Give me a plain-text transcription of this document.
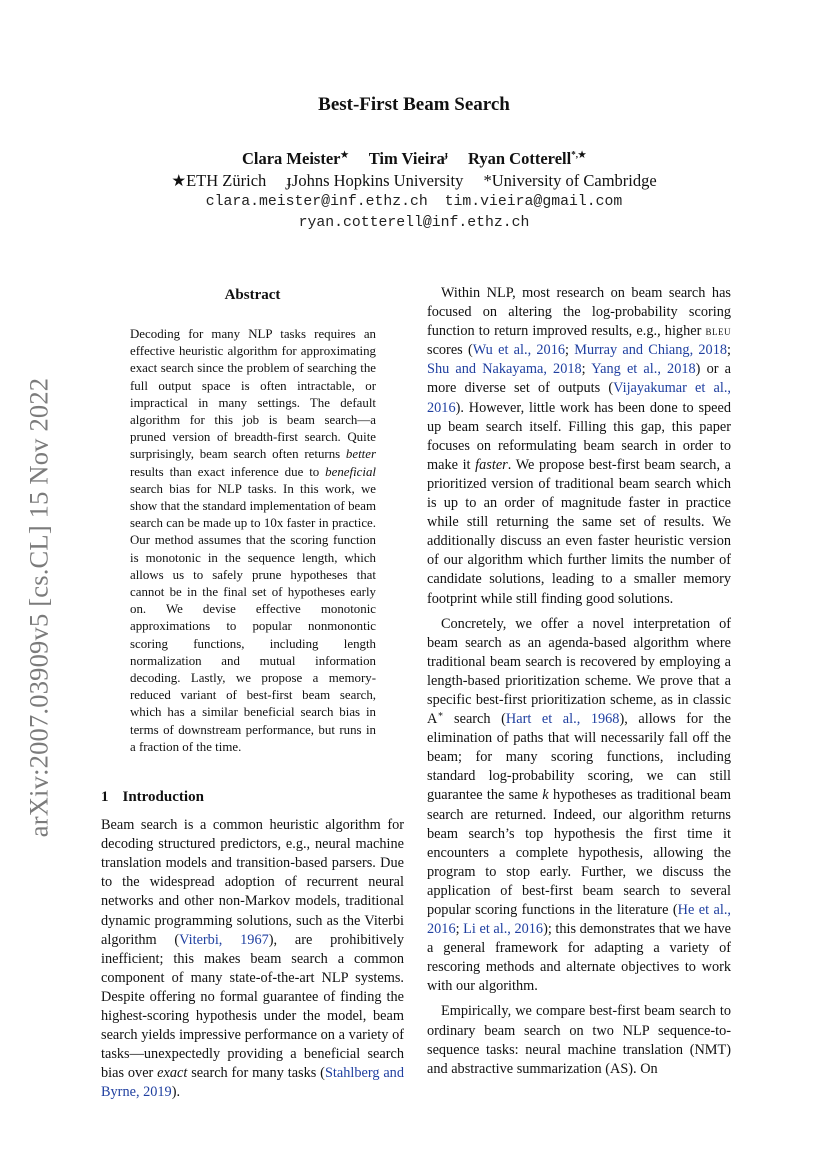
arXiv:2007.03909v5 [cs.CL] 15 Nov 2022
Best-First Beam Search
Clara Meister★ Tim Vieira$^ɟ$ Ryan Cotterell*,★
★ETH Zürich ɟJohns Hopkins University *University of Cambridge
clara.meister@inf.ethz.ch tim.vieira@gmail.com
ryan.cotterell@inf.ethz.ch
Abstract

Decoding for many NLP tasks requires an effective heuristic algorithm for approximating exact search since the problem of searching the full output space is often intractable, or impractical in many settings. The default algorithm for this job is beam search—a pruned version of breadth-first search. Quite surprisingly, beam search often returns better results than exact inference due to beneficial search bias for NLP tasks. In this work, we show that the standard implementation of beam search can be made up to 10x faster in practice. Our method assumes that the scoring function is monotonic in the sequence length, which allows us to safely prune hypotheses that cannot be in the final set of hypotheses early on. We devise effective monotonic approximations to popular nonmonontic scoring functions, including length normalization and mutual information decoding. Lastly, we propose a memory-reduced variant of best-first beam search, which has a similar beneficial search bias in terms of downstream performance, but runs in a fraction of the time.

1 Introduction

Beam search is a common heuristic algorithm for decoding structured predictors, e.g., neural machine translation models and transition-based parsers. Due to the widespread adoption of recurrent neural networks and other non-Markov models, traditional dynamic programming solutions, such as the Viterbi algorithm (Viterbi, 1967), are prohibitively inefficient; this makes beam search a common component of many state-of-the-art NLP systems. Despite offering no formal guarantee of finding the highest-scoring hypothesis under the model, beam search yields impressive performance on a variety of tasks—unexpectedly providing a beneficial search bias over exact search for many tasks (Stahlberg and Byrne, 2019).

Within NLP, most research on beam search has focused on altering the log-probability scoring function to return improved results, e.g., higher bleu scores (Wu et al., 2016; Murray and Chiang, 2018; Shu and Nakayama, 2018; Yang et al., 2018) or a more diverse set of outputs (Vijayakumar et al., 2016). However, little work has been done to speed up beam search itself. Filling this gap, this paper focuses on reformulating beam search in order to make it faster. We propose best-first beam search, a prioritized version of traditional beam search which is up to an order of magnitude faster in practice while still returning the same set of results. We additionally discuss an even faster heuristic version of our algorithm which further limits the number of candidate solutions, leading to a smaller memory footprint while still finding good solutions.

Concretely, we offer a novel interpretation of beam search as an agenda-based algorithm where traditional beam search is recovered by employing a length-based prioritization scheme. We prove that a specific best-first prioritization scheme, as in classic A∗ search (Hart et al., 1968), allows for the elimination of paths that will necessarily fall off the beam; for many scoring functions, including standard log-probability scoring, we can still guarantee the same k hypotheses as traditional beam search are returned. Indeed, our algorithm returns beam search’s top hypothesis the first time it encounters a complete hypothesis, allowing the program to stop early. Further, we discuss the application of best-first beam search to several popular scoring functions in the literature (He et al., 2016; Li et al., 2016); this demonstrates that we have a general framework for adapting a variety of rescoring methods and alternate objectives to work with our algorithm.

Empirically, we compare best-first beam search to ordinary beam search on two NLP sequence-to-sequence tasks: neural machine translation (NMT) and abstractive summarization (AS). On
